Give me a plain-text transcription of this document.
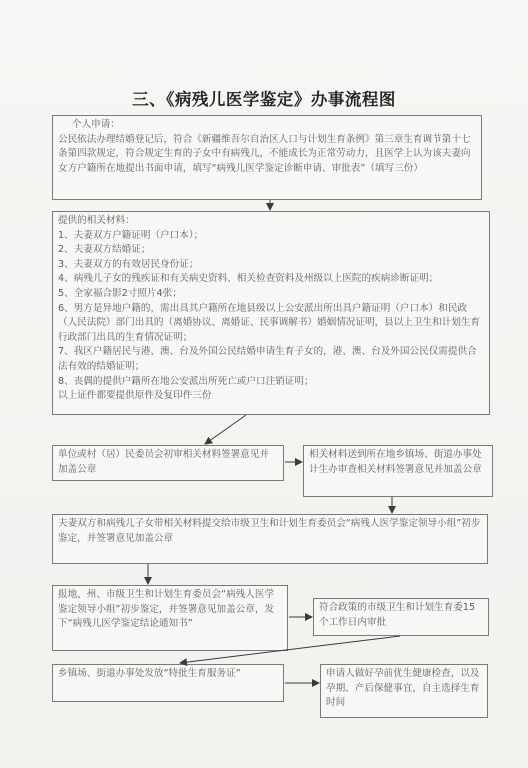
三、《病残儿医学鉴定》办事流程图

个人申请：

公民依法办理结婚登记后，符合《新疆维吾尔自治区人口与计划生育条例》第三章生育调节第十七条第四款规定，符合规定生育的子女中有病残儿，不能成长为正常劳动力，且医学上认为该夫妻向女方户籍所在地提出书面申请，填写“病残儿医学鉴定诊断申请、审批表”（填写三份）

提供的相关材料：

1、夫妻双方户籍证明（户口本）；

2、夫妻双方结婚证；

3、夫妻双方的有效居民身份证；

4、病残儿子女的残疾证和有关病史资料、相关检查资料及州级以上医院的疾病诊断证明；

5、全家福合影2寸照片4张；

6、男方是异地户籍的，需出具其户籍所在地县级以上公安派出所出具户籍证明（户口本）和民政（人民法院）部门出具的（离婚协议、离婚证、民事调解书）婚姻情况证明，县以上卫生和计划生育行政部门出具的生育情况证明；

7、我区户籍居民与港、澳、台及外国公民结婚申请生育子女的，港、澳、台及外国公民仅需提供合法有效的结婚证明；

8、丧偶的提供户籍所在地公安派出所死亡或户口注销证明；

以上证件都要提供原件及复印件三份

单位或村（居）民委员会初审相关材料签署意见并加盖公章

相关材料送到所在地乡镇场、街道办事处计生办审查相关材料签署意见并加盖公章

夫妻双方和病残儿子女带相关材料提交给市级卫生和计划生育委员会“病残人医学鉴定领导小组”初步鉴定，并签署意见加盖公章

报地、州、市级卫生和计划生育委员会“病残人医学鉴定领导小组”初步鉴定，并签署意见加盖公章，发下“病残儿医学鉴定结论通知书”

符合政策的市级卫生和计划生育委15个工作日内审批

乡镇场、街道办事处发放“特批生育服务证”	申请人做好孕前优生健康检查，以及孕期、产后保健事宜，自主选择生育时间
